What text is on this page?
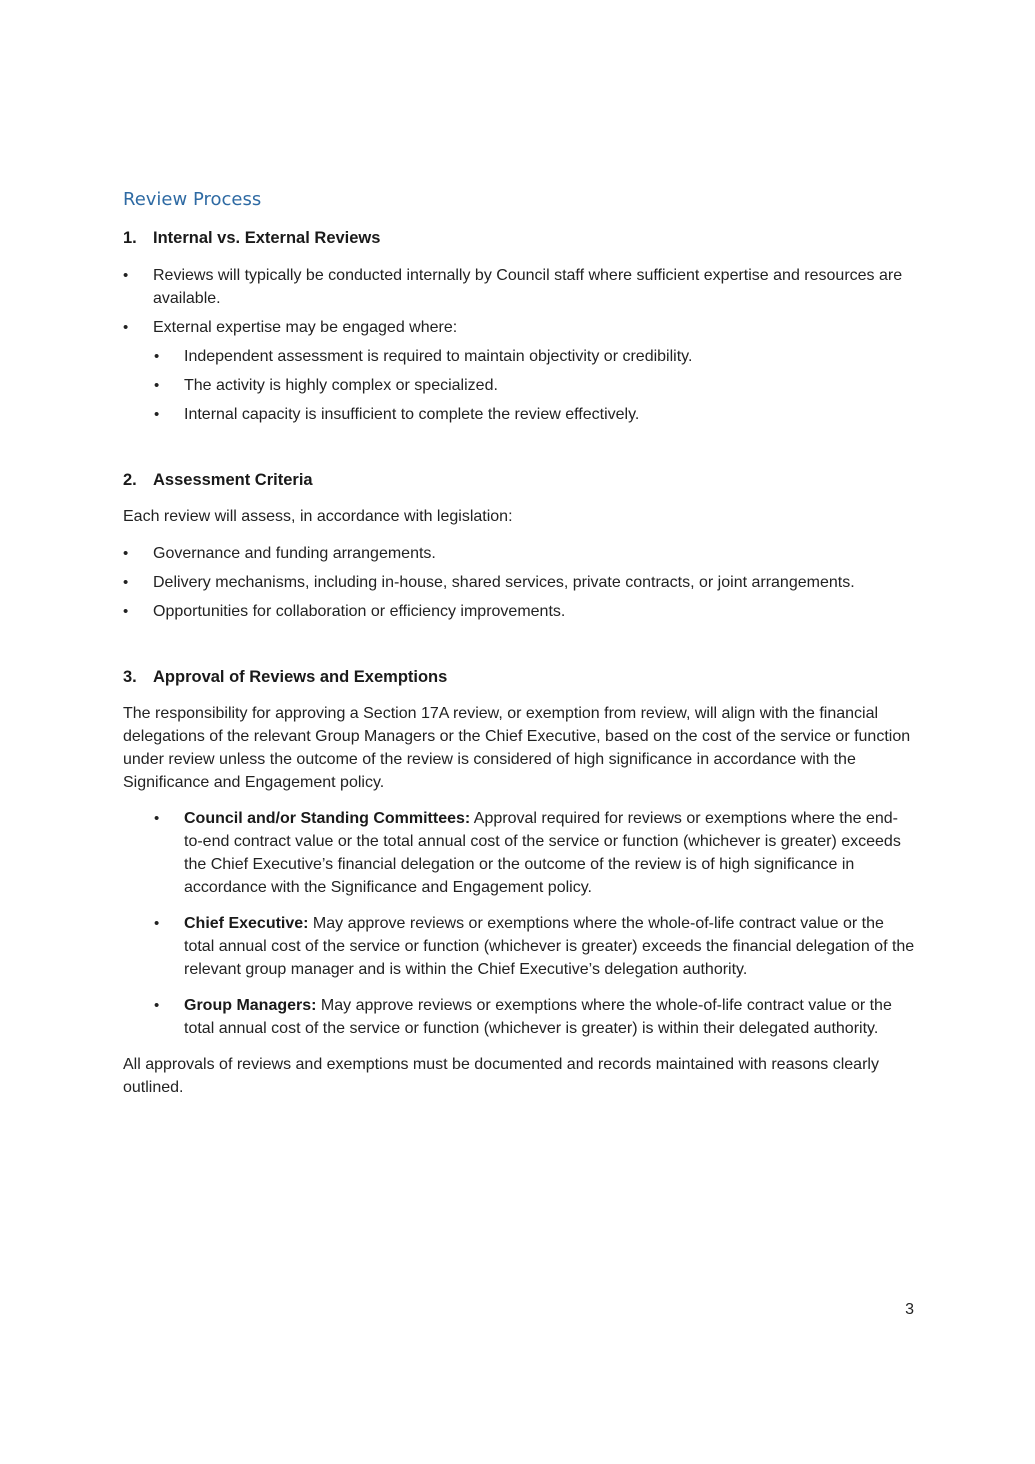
Review Process
1. Internal vs. External Reviews
• Reviews will typically be conducted internally by Council staff where sufficient expertise and resources are available.
• External expertise may be engaged where:
• Independent assessment is required to maintain objectivity or credibility.
• The activity is highly complex or specialized.
• Internal capacity is insufficient to complete the review effectively.
2. Assessment Criteria

Each review will assess, in accordance with legislation:

• Governance and funding arrangements.
• Delivery mechanisms, including in-house, shared services, private contracts, or joint arrangements.
• Opportunities for collaboration or efficiency improvements.
3. Approval of Reviews and Exemptions

The responsibility for approving a Section 17A review, or exemption from review, will align with the financial delegations of the relevant Group Managers or the Chief Executive, based on the cost of the service or function under review unless the outcome of the review is considered of high significance in accordance with the Significance and Engagement policy.

• Council and/or Standing Committees: Approval required for reviews or exemptions where the end-to-end contract value or the total annual cost of the service or function (whichever is greater) exceeds the Chief Executive’s financial delegation or the outcome of the review is of high significance in accordance with the Significance and Engagement policy.
• Chief Executive: May approve reviews or exemptions where the whole-of-life contract value or the total annual cost of the service or function (whichever is greater) exceeds the financial delegation of the relevant group manager and is within the Chief Executive’s delegation authority.
• Group Managers: May approve reviews or exemptions where the whole-of-life contract value or the total annual cost of the service or function (whichever is greater) is within their delegated authority.

All approvals of reviews and exemptions must be documented and records maintained with reasons clearly outlined.

3
